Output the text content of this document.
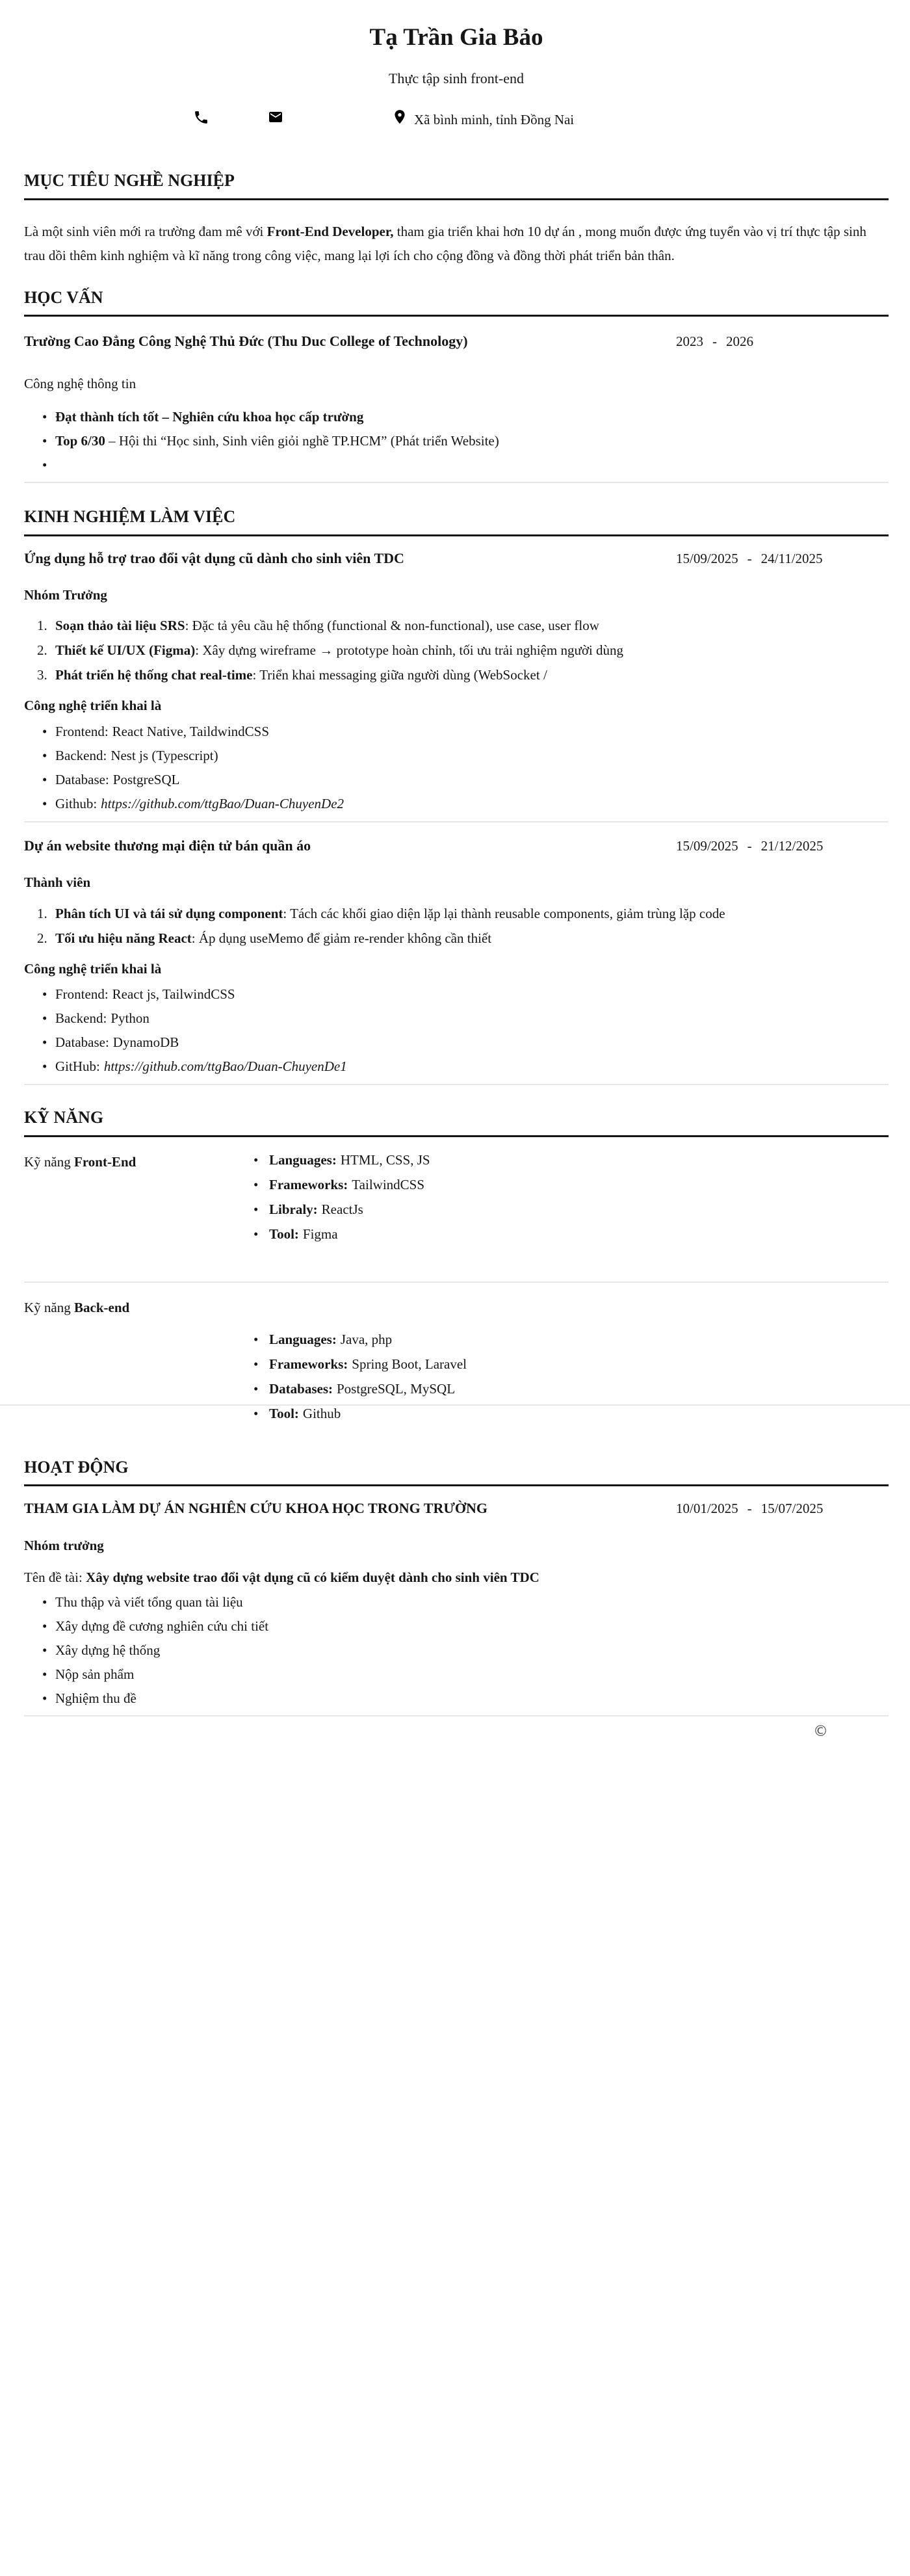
Tạ Trần Gia Bảo
Thực tập sinh front-end
Xã bình minh, tỉnh Đồng Nai
MỤC TIÊU NGHỀ NGHIỆP

Là một sinh viên mới ra trường đam mê với Front-End Developer, tham gia triển khai hơn 10 dự án , mong muốn được ứng tuyển vào vị trí thực tập sinh trau dồi thêm kinh nghiệm và kĩ năng trong công việc, mang lại lợi ích cho cộng đồng và đồng thời phát triển bản thân.

HỌC VẤN
Trường Cao Đẳng Công Nghệ Thủ Đức (Thu Duc College of Technology)	2023 - 2026
Công nghệ thông tin
• Đạt thành tích tốt – Nghiên cứu khoa học cấp trường
• Top 6/30 – Hội thi “Học sinh, Sinh viên giỏi nghề TP.HCM” (Phát triển Website)
•
KINH NGHIỆM LÀM VIỆC
Ứng dụng hỗ trợ trao đổi vật dụng cũ dành cho sinh viên TDC	15/09/2025 - 24/11/2025
Nhóm Trưởng
Soạn thảo tài liệu SRS: Đặc tả yêu cầu hệ thống (functional & non-functional), use case, user flow
Thiết kế UI/UX (Figma): Xây dựng wireframe → prototype hoàn chỉnh, tối ưu trải nghiệm người dùng
Phát triển hệ thống chat real-time: Triển khai messaging giữa người dùng (WebSocket /
Công nghệ triển khai là
• Frontend: React Native, TaildwindCSS
• Backend: Nest js (Typescript)
• Database: PostgreSQL
• Github: https://github.com/ttgBao/Duan-ChuyenDe2
Dự án website thương mại điện tử bán quần áo	15/09/2025 - 21/12/2025
Thành viên
Phân tích UI và tái sử dụng component: Tách các khối giao diện lặp lại thành reusable components, giảm trùng lặp code
Tối ưu hiệu năng React: Áp dụng useMemo để giảm re-render không cần thiết
Công nghệ triển khai là
• Frontend: React js, TailwindCSS
• Backend: Python
• Database: DynamoDB
• GitHub: https://github.com/ttgBao/Duan-ChuyenDe1
KỸ NĂNG
Kỹ năng Front-End	• Languages: HTML, CSS, JS
• Frameworks: TailwindCSS
• Libraly: ReactJs
• Tool: Figma
Kỹ năng Back-end
• Languages: Java, php
• Frameworks: Spring Boot, Laravel
• Databases: PostgreSQL, MySQL
• Tool: Github
HOẠT ĐỘNG
THAM GIA LÀM DỰ ÁN NGHIÊN CỨU KHOA HỌC TRONG TRƯỜNG	10/01/2025 - 15/07/2025
Nhóm trưởng
Tên đề tài: Xây dựng website trao đổi vật dụng cũ có kiểm duyệt dành cho sinh viên TDC
• Thu thập và viết tổng quan tài liệu
• Xây dựng đề cương nghiên cứu chi tiết
• Xây dựng hệ thống
• Nộp sản phẩm
• Nghiệm thu đề
©
